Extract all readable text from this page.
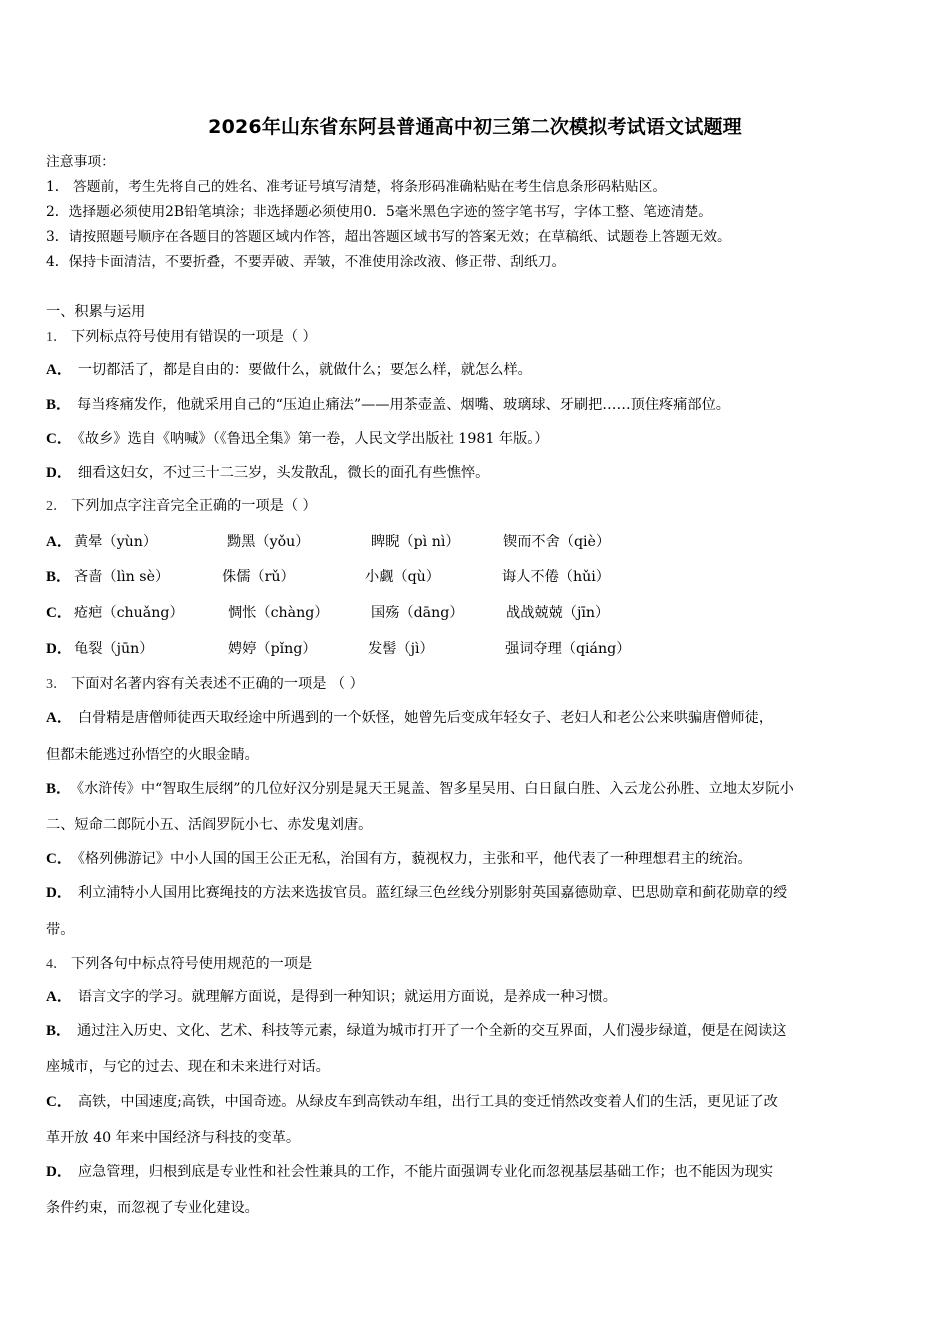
2026年山东省东阿县普通高中初三第二次模拟考试语文试题理
注意事项：
1． 答题前，考生先将自己的姓名、准考证号填写清楚，将条形码准确粘贴在考生信息条形码粘贴区。
2．选择题必须使用2B铅笔填涂；非选择题必须使用0．5毫米黑色字迹的签字笔书写，字体工整、笔迹清楚。
3．请按照题号顺序在各题目的答题区域内作答，超出答题区域书写的答案无效；在草稿纸、试题卷上答题无效。
4．保持卡面清洁，不要折叠，不要弄破、弄皱，不准使用涂改液、修正带、刮纸刀。
一、积累与运用
1． 下列标点符号使用有错误的一项是（ ）
A． 一切都活了，都是自由的：要做什么，就做什么；要怎么样，就怎么样。
B． 每当疼痛发作，他就采用自己的“压迫止痛法”——用茶壶盖、烟嘴、玻璃球、牙刷把……顶住疼痛部位。
C． 《故乡》选自《呐喊》（《鲁迅全集》第一卷，人民文学出版社 1981 年版。）
D． 细看这妇女，不过三十二三岁，头发散乱，微长的面孔有些憔悴。
2． 下列加点字注音完全正确的一项是（ ）
A． 黄晕（yùn）	黝黑（yǒu）	睥睨（pì nì）	锲而不舍（qiè）
B． 吝啬（lìn sè）	侏儒（rǔ）	小觑（qù）	诲人不倦（hǔi）
C． 疮疤（chuǎng）	惆怅（chàng）	国殇（dāng）	战战兢兢（jīn）
D． 龟裂（jūn）	娉婷（pǐng）	发髻（jì）	强词夺理（qiáng）
3． 下面对名著内容有关表述不正确的一项是 （ ）
A． 白骨精是唐僧师徒西天取经途中所遇到的一个妖怪，她曾先后变成年轻女子、老妇人和老公公来哄骗唐僧师徒，
但都未能逃过孙悟空的火眼金睛。
B． 《水浒传》中“智取生辰纲”的几位好汉分别是晁天王晁盖、智多星吴用、白日鼠白胜、入云龙公孙胜、立地太岁阮小
二、短命二郎阮小五、活阎罗阮小七、赤发鬼刘唐。
C． 《格列佛游记》中小人国的国王公正无私，治国有方，藐视权力，主张和平，他代表了一种理想君主的统治。
D． 利立浦特小人国用比赛绳技的方法来选拔官员。蓝红绿三色丝线分别影射英国嘉德勋章、巴思勋章和蓟花勋章的绶
带。
4． 下列各句中标点符号使用规范的一项是
A． 语言文字的学习。就理解方面说，是得到一种知识；就运用方面说，是养成一种习惯。
B． 通过注入历史、文化、艺术、科技等元素，绿道为城市打开了一个全新的交互界面，人们漫步绿道，便是在阅读这
座城市，与它的过去、现在和未来进行对话。
C． 高铁，中国速度;高铁，中国奇迹。从绿皮车到高铁动车组，出行工具的变迁悄然改变着人们的生活，更见证了改
革开放 40 年来中国经济与科技的变革。
D． 应急管理，归根到底是专业性和社会性兼具的工作，不能片面强调专业化而忽视基层基础工作；也不能因为现实
条件约束，而忽视了专业化建设。
